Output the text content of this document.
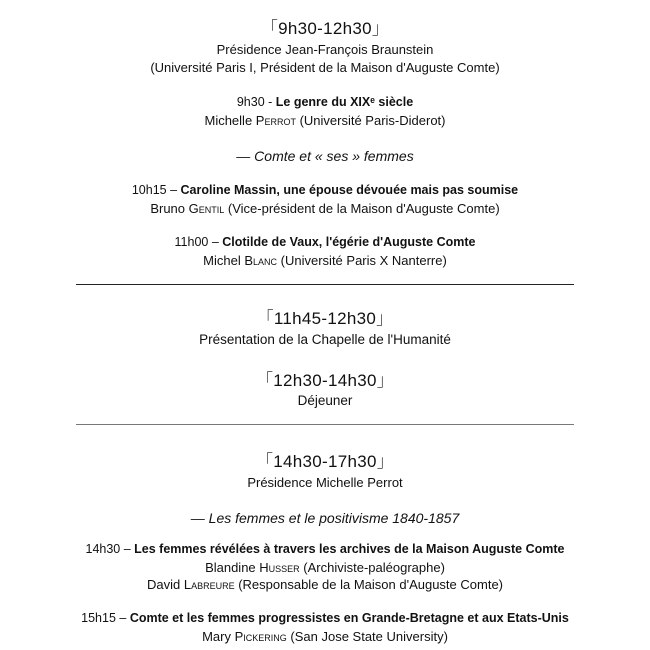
「9h30-12h30」
Présidence Jean-François Braunstein
(Université Paris I, Président de la Maison d'Auguste Comte)
9h30 - Le genre du XIXᵉ siècle
Michelle Perrot (Université Paris-Diderot)
— Comte et « ses » femmes
10h15 – Caroline Massin, une épouse dévouée mais pas soumise
Bruno Gentil (Vice-président de la Maison d'Auguste Comte)
11h00 – Clotilde de Vaux, l'égérie d'Auguste Comte
Michel Blanc (Université Paris X Nanterre)
「11h45-12h30」
Présentation de la Chapelle de l'Humanité
「12h30-14h30」
Déjeuner
「14h30-17h30」
Présidence Michelle Perrot
— Les femmes et le positivisme 1840-1857
14h30 – Les femmes révélées à travers les archives de la Maison Auguste Comte
Blandine Husser (Archiviste-paléographe)
David Labreure (Responsable de la Maison d'Auguste Comte)
15h15 – Comte et les femmes progressistes en Grande-Bretagne et aux Etats-Unis
Mary Pickering (San Jose State University)
